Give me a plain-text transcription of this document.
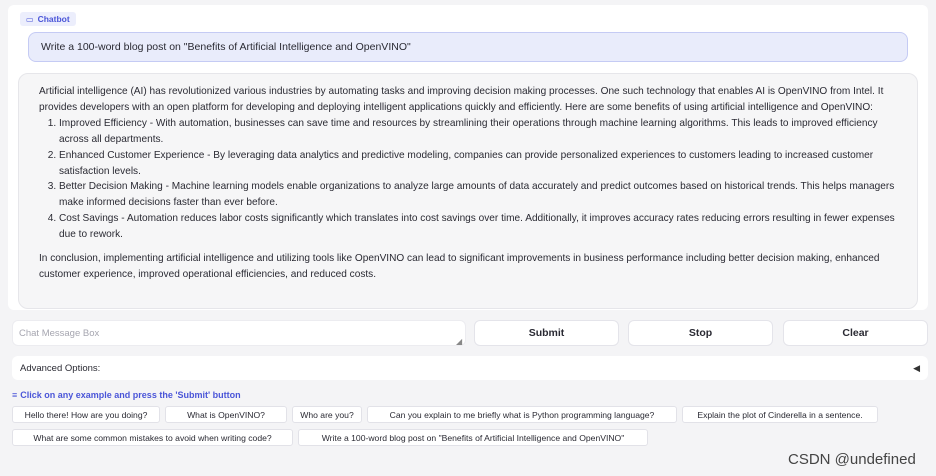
▭ Chatbot
Write a 100-word blog post on "Benefits of Artificial Intelligence and OpenVINO"

Artificial intelligence (AI) has revolutionized various industries by automating tasks and improving decision making processes. One such technology that enables AI is OpenVINO from Intel. It provides developers with an open platform for developing and deploying intelligent applications quickly and efficiently. Here are some benefits of using artificial intelligence and OpenVINO:

1. Improved Efficiency - With automation, businesses can save time and resources by streamlining their operations through machine learning algorithms. This leads to improved efficiency across all departments.
2. Enhanced Customer Experience - By leveraging data analytics and predictive modeling, companies can provide personalized experiences to customers leading to increased customer satisfaction levels.
3. Better Decision Making - Machine learning models enable organizations to analyze large amounts of data accurately and predict outcomes based on historical trends. This helps managers make informed decisions faster than ever before.
4. Cost Savings - Automation reduces labor costs significantly which translates into cost savings over time. Additionally, it improves accuracy rates reducing errors resulting in fewer expenses due to rework.

In conclusion, implementing artificial intelligence and utilizing tools like OpenVINO can lead to significant improvements in business performance including better decision making, enhanced customer experience, improved operational efficiencies, and reduced costs.

Chat Message Box
◢
Submit	Stop	Clear
Advanced Options:	◀
≡ Click on any example and press the 'Submit' button
Hello there! How are you doing?	What is OpenVINO?	Who are you?	Can you explain to me briefly what is Python programming language?	Explain the plot of Cinderella in a sentence.
What are some common mistakes to avoid when writing code?	Write a 100-word blog post on "Benefits of Artificial Intelligence and OpenVINO"
CSDN @undefined
